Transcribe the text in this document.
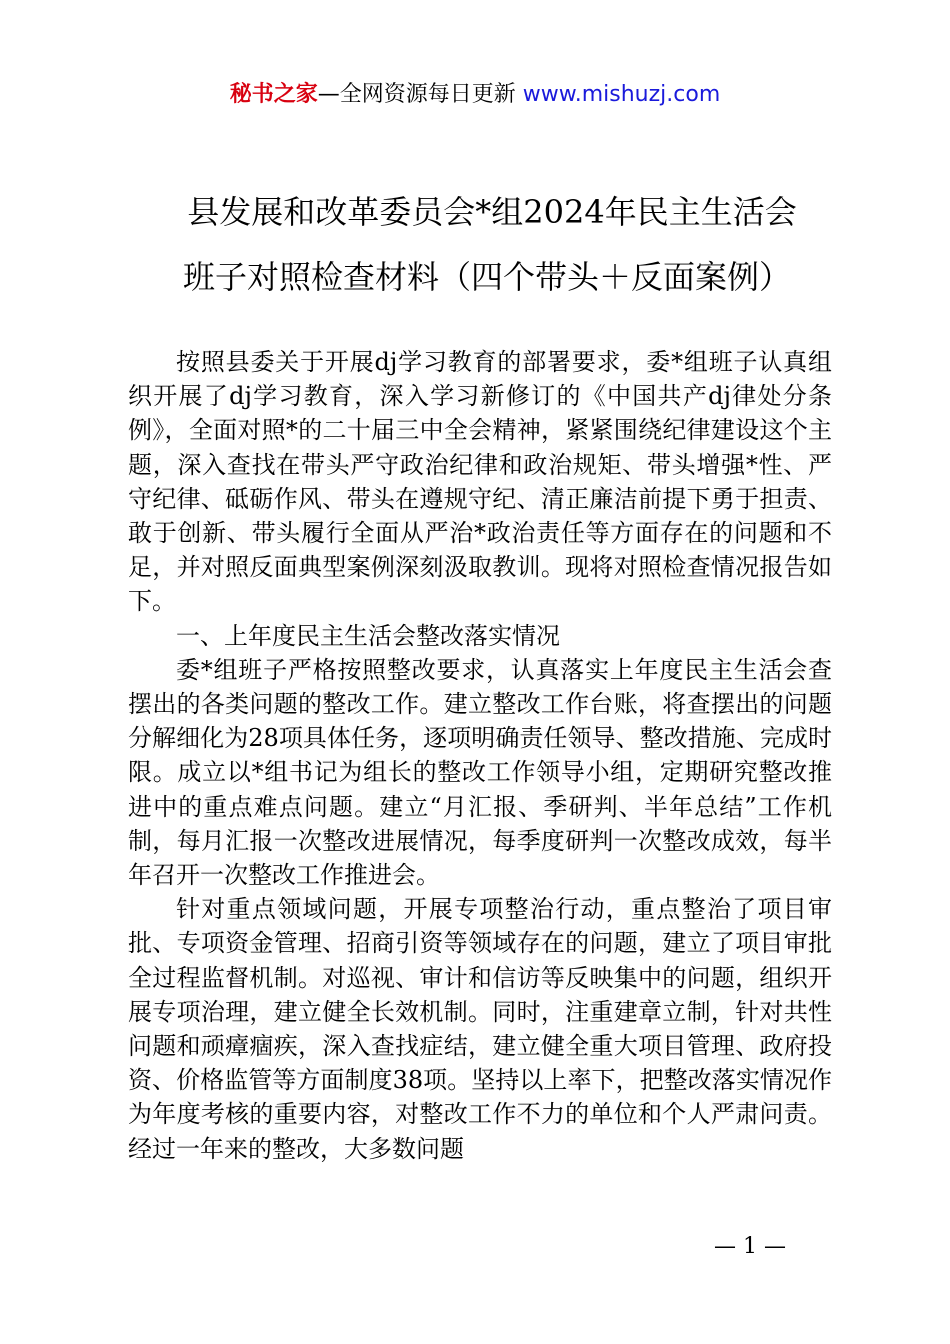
秘书之家—全网资源每日更新 www.mishuzj.com
县发展和改革委员会*组2024年民主生活会
班子对照检查材料（四个带头＋反面案例）

按照县委关于开展dj学习教育的部署要求，委*组班子认真组织开展了dj学习教育，深入学习新修订的《中国共产dj律处分条例》，全面对照*的二十届三中全会精神，紧紧围绕纪律建设这个主题，深入查找在带头严守政治纪律和政治规矩、带头增强*性、严守纪律、砥砺作风、带头在遵规守纪、清正廉洁前提下勇于担责、敢于创新、带头履行全面从严治*政治责任等方面存在的问题和不足，并对照反面典型案例深刻汲取教训。现将对照检查情况报告如下。

一、上年度民主生活会整改落实情况

委*组班子严格按照整改要求，认真落实上年度民主生活会查摆出的各类问题的整改工作。建立整改工作台账，将查摆出的问题分解细化为28项具体任务，逐项明确责任领导、整改措施、完成时限。成立以*组书记为组长的整改工作领导小组，定期研究整改推进中的重点难点问题。建立“月汇报、季研判、半年总结”工作机制，每月汇报一次整改进展情况，每季度研判一次整改成效，每半年召开一次整改工作推进会。

针对重点领域问题，开展专项整治行动，重点整治了项目审批、专项资金管理、招商引资等领域存在的问题，建立了项目审批全过程监督机制。对巡视、审计和信访等反映集中的问题，组织开展专项治理，建立健全长效机制。同时，注重建章立制，针对共性问题和顽瘴痼疾，深入查找症结，建立健全重大项目管理、政府投资、价格监管等方面制度38项。坚持以上率下，把整改落实情况作为年度考核的重要内容，对整改工作不力的单位和个人严肃问责。经过一年来的整改，大多数问题

— 1 —
